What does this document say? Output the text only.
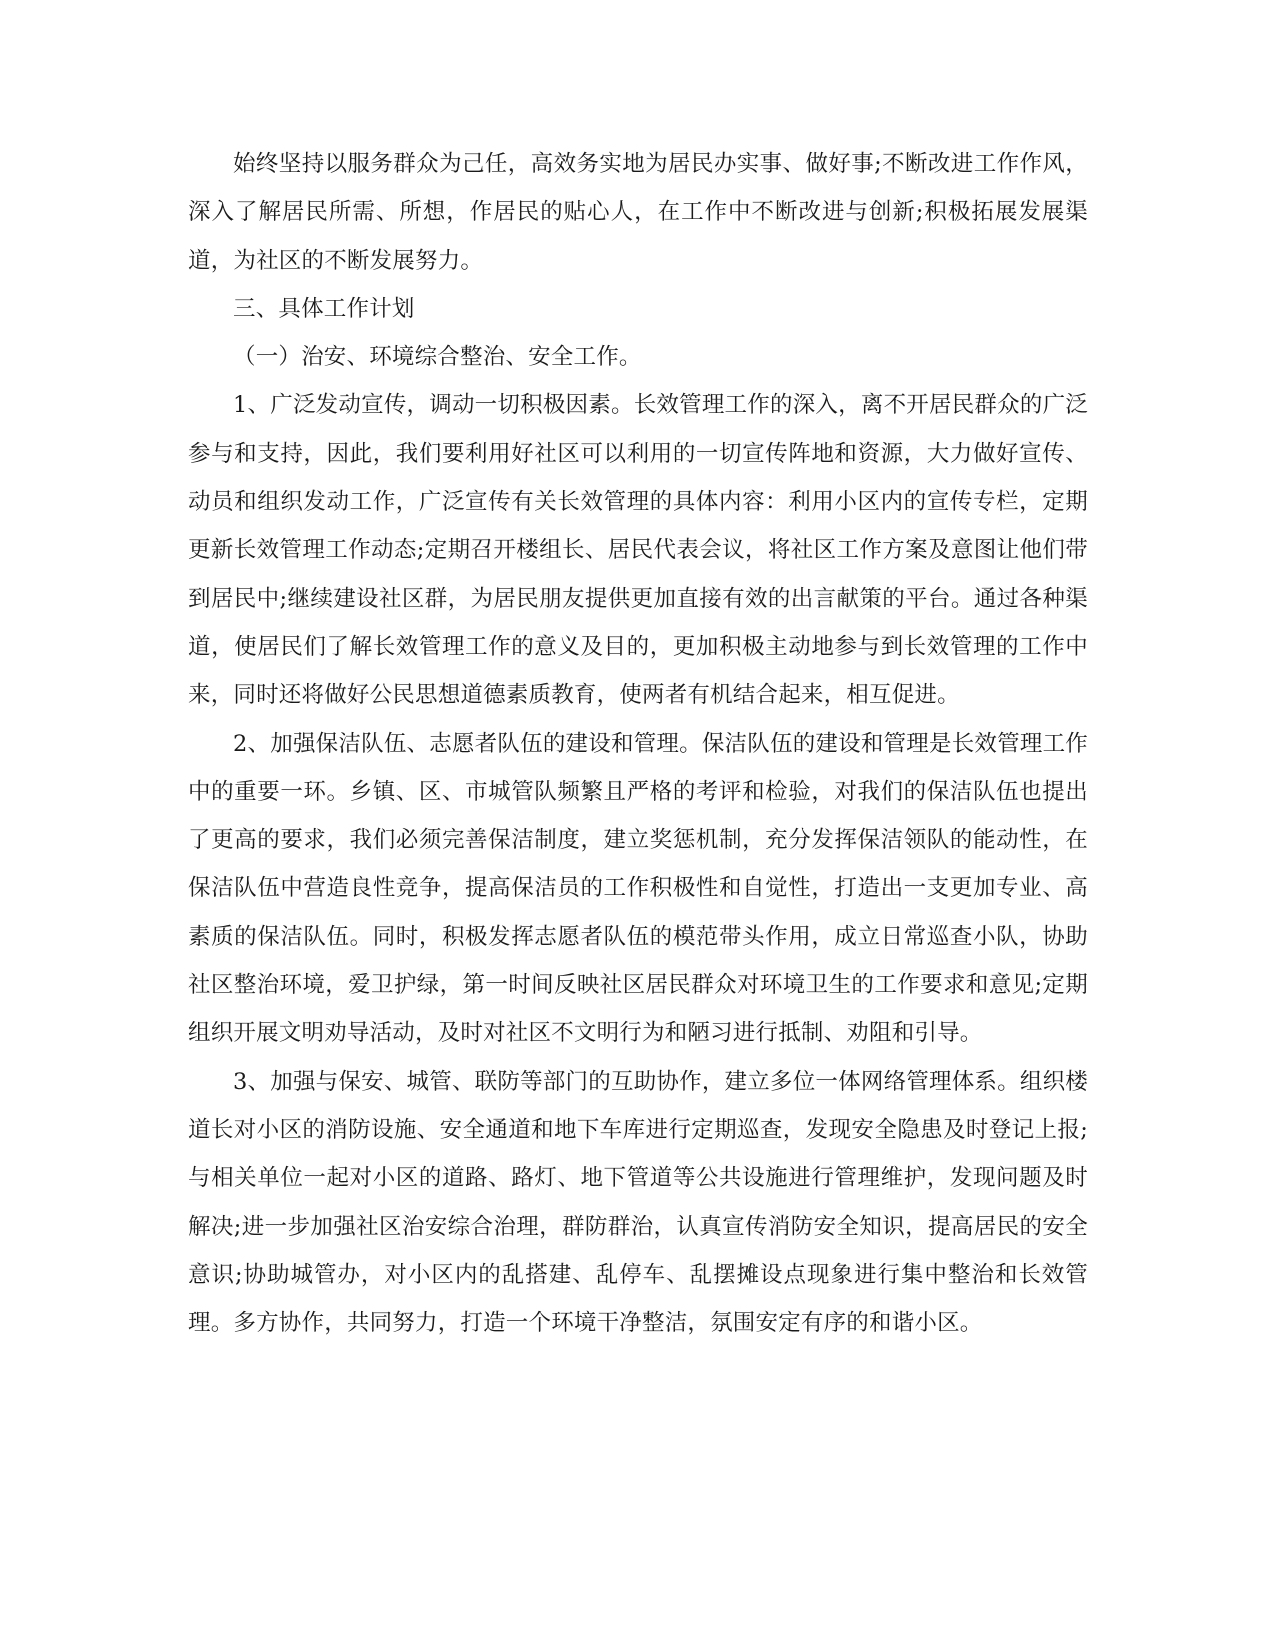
始终坚持以服务群众为己任，高效务实地为居民办实事、做好事;不断改进工作作风，深入了解居民所需、所想，作居民的贴心人，在工作中不断改进与创新;积极拓展发展渠道，为社区的不断发展努力。

三、具体工作计划

（一）治安、环境综合整治、安全工作。

1、广泛发动宣传，调动一切积极因素。长效管理工作的深入，离不开居民群众的广泛参与和支持，因此，我们要利用好社区可以利用的一切宣传阵地和资源，大力做好宣传、动员和组织发动工作，广泛宣传有关长效管理的具体内容：利用小区内的宣传专栏，定期更新长效管理工作动态;定期召开楼组长、居民代表会议，将社区工作方案及意图让他们带到居民中;继续建设社区群，为居民朋友提供更加直接有效的出言献策的平台。通过各种渠道，使居民们了解长效管理工作的意义及目的，更加积极主动地参与到长效管理的工作中来，同时还将做好公民思想道德素质教育，使两者有机结合起来，相互促进。

2、加强保洁队伍、志愿者队伍的建设和管理。保洁队伍的建设和管理是长效管理工作中的重要一环。乡镇、区、市城管队频繁且严格的考评和检验，对我们的保洁队伍也提出了更高的要求，我们必须完善保洁制度，建立奖惩机制，充分发挥保洁领队的能动性，在保洁队伍中营造良性竞争，提高保洁员的工作积极性和自觉性，打造出一支更加专业、高素质的保洁队伍。同时，积极发挥志愿者队伍的模范带头作用，成立日常巡查小队，协助社区整治环境，爱卫护绿，第一时间反映社区居民群众对环境卫生的工作要求和意见;定期组织开展文明劝导活动，及时对社区不文明行为和陋习进行抵制、劝阻和引导。

3、加强与保安、城管、联防等部门的互助协作，建立多位一体网络管理体系。组织楼道长对小区的消防设施、安全通道和地下车库进行定期巡查，发现安全隐患及时登记上报;与相关单位一起对小区的道路、路灯、地下管道等公共设施进行管理维护，发现问题及时解决;进一步加强社区治安综合治理，群防群治，认真宣传消防安全知识，提高居民的安全意识;协助城管办，对小区内的乱搭建、乱停车、乱摆摊设点现象进行集中整治和长效管理。多方协作，共同努力，打造一个环境干净整洁，氛围安定有序的和谐小区。
